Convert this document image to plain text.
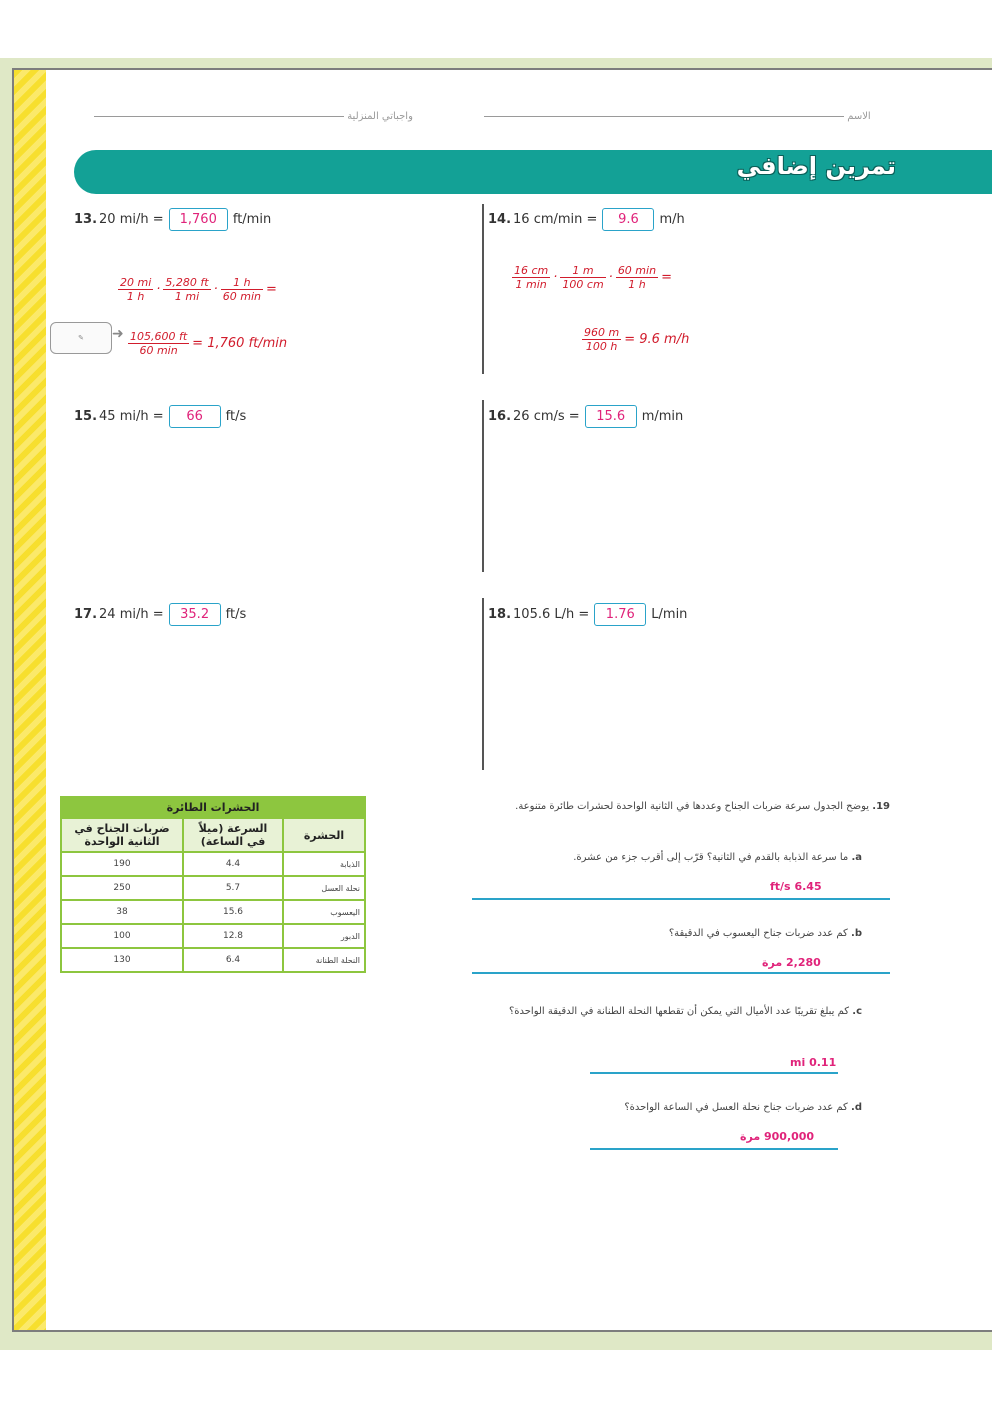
الاسم
واجباتي المنزلية
تمرين إضافي
13. 20 mi/h =	1,760	ft/min	14. 16 cm/min =	9.6	m/h
15. 45 mi/h =	66	ft/s	16. 26 cm/s =	15.6	m/min
17. 24 mi/h =	35.2	ft/s	18. 105.6 L/h =	1.76	L/min
$\frac{20 mi}{1 h} \cdot \frac{5,280 ft}{1 mi} \cdot \frac{1 h}{60 \min}$ =
✎	➜ $\frac{105,600 ft}{60 \min} = 1,760$ ft/min
$\frac{16 cm}{1 \min} \cdot \frac{1 m}{100 cm} \cdot \frac{60 \min}{1 h}$ =
$\frac{960 m}{100 h} = 9.6$ m/h
الحشرات الطائرة		
الحشرة	السرعة (ميلاً في الساعة)	ضربات الجناح في الثانية الواحدة
الذبابة	4.4	190
نحلة العسل	5.7	250
اليعسوب	15.6	38
الدبور	12.8	100
النحلة الطنانة	6.4	130
19. يوضح الجدول سرعة ضربات الجناح وعددها في الثانية الواحدة لحشرات طائرة متنوعة.
a. ما سرعة الذبابة بالقدم في الثانية؟ قرّب إلى أقرب جزء من عشرة.
6.45 ft/s
b. كم عدد ضربات جناح اليعسوب في الدقيقة؟
2,280 مرة
c. كم يبلغ تقريبًا عدد الأميال التي يمكن أن تقطعها النحلة الطنانة في الدقيقة الواحدة؟
0.11 mi
d. كم عدد ضربات جناح نحلة العسل في الساعة الواحدة؟
900,000 مرة
